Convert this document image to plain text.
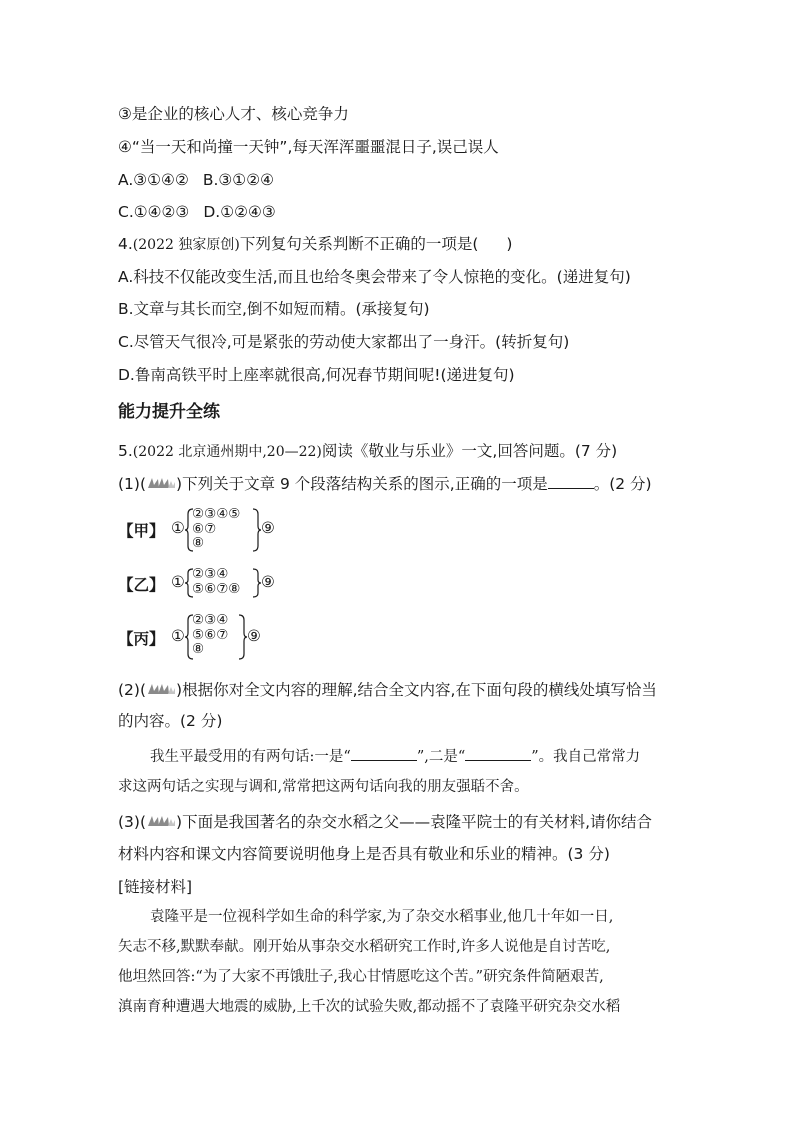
③是企业的核心人才、核心竞争力
④“当一天和尚撞一天钟”,每天浑浑噩噩混日子,误己误人
A.③①④② B.③①②④
C.①④②③ D.①②④③
4.(2022 独家原创)下列复句关系判断不正确的一项是( )
A.科技不仅能改变生活,而且也给冬奥会带来了令人惊艳的变化。(递进复句)
B.文章与其长而空,倒不如短而精。(承接复句)
C.尽管天气很冷,可是紧张的劳动使大家都出了一身汗。(转折复句)
D.鲁南高铁平时上座率就很高,何况春节期间呢!(递进复句)
能力提升全练
5.(2022 北京通州期中,20—22)阅读《敬业与乐业》一文,回答问题。(7 分)
(1)( )下列关于文章 9 个段落结构关系的图示,正确的一项是	。(2 分)
【甲】 ①
②③④⑤
⑥⑦
⑧
⑨
【乙】 ① ②③④
⑤⑥⑦⑧ ⑨
【丙】 ①
②③④
⑤⑥⑦
⑧
⑨
(2)( )根据你对全文内容的理解,结合全文内容,在下面句段的横线处填写恰当
的内容。(2 分)
我生平最受用的有两句话:一是“	”,二是“	”。我自己常常力
求这两句话之实现与调和,常常把这两句话向我的朋友强聒不舍。
(3)( )下面是我国著名的杂交水稻之父——袁隆平院士的有关材料,请你结合
材料内容和课文内容简要说明他身上是否具有敬业和乐业的精神。(3 分)
[链接材料]
袁隆平是一位视科学如生命的科学家,为了杂交水稻事业,他几十年如一日,
矢志不移,默默奉献。刚开始从事杂交水稻研究工作时,许多人说他是自讨苦吃,
他坦然回答:“为了大家不再饿肚子,我心甘情愿吃这个苦。”研究条件简陋艰苦,
滇南育种遭遇大地震的威胁,上千次的试验失败,都动摇不了袁隆平研究杂交水稻
